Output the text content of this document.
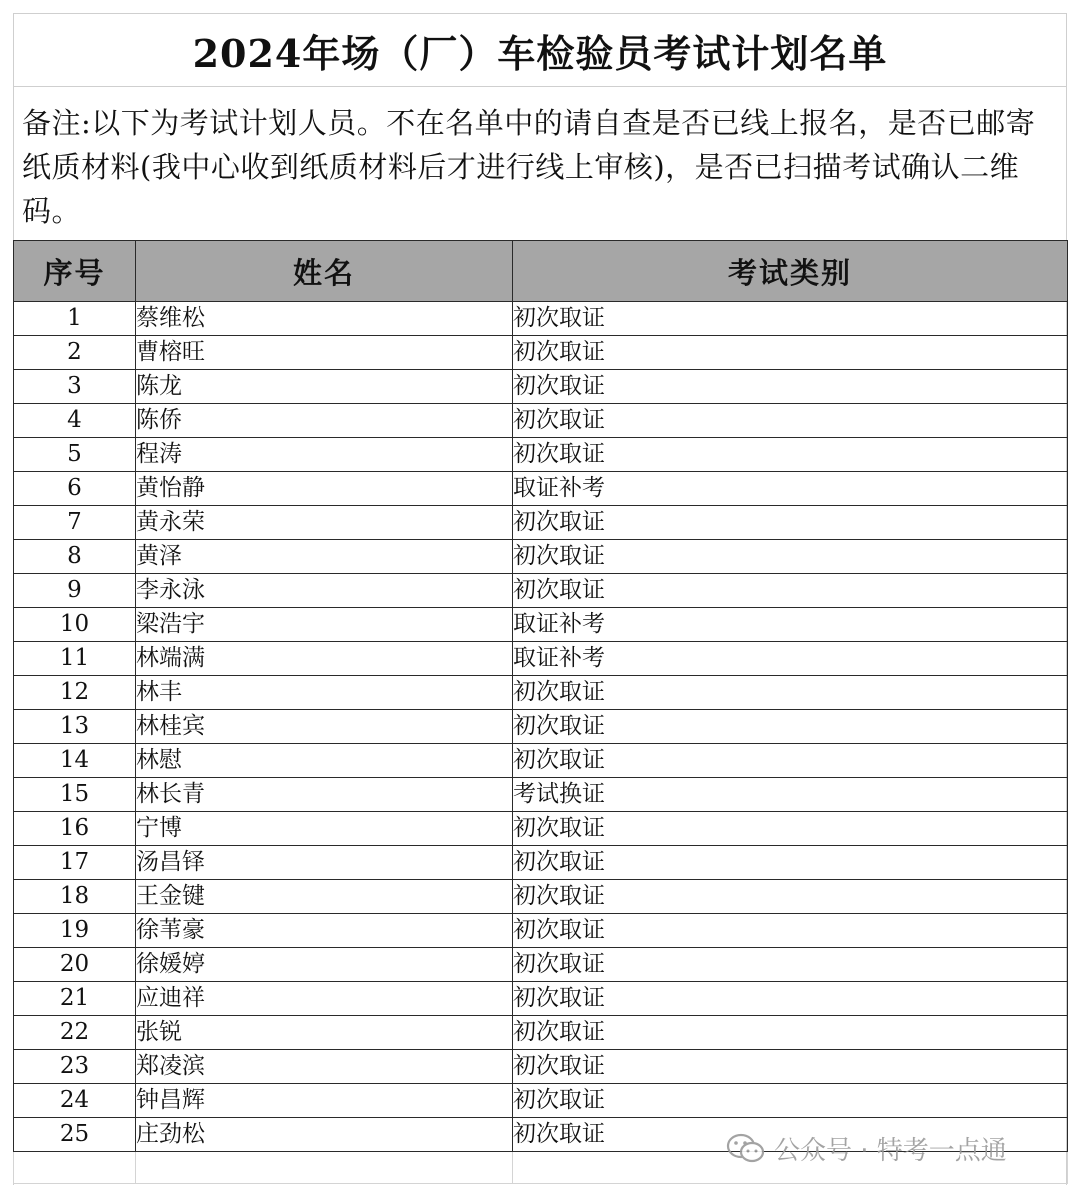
2024年场（厂）车检验员考试计划名单
备注:以下为考试计划人员。不在名单中的请自查是否已线上报名，是否已邮寄纸质材料(我中心收到纸质材料后才进行线上审核)，是否已扫描考试确认二维码。
序号	姓名	考试类别
1	蔡维松	初次取证
2	曹榕旺	初次取证
3	陈龙	初次取证
4	陈侨	初次取证
5	程涛	初次取证
6	黄怡静	取证补考
7	黄永荣	初次取证
8	黄泽	初次取证
9	李永泳	初次取证
10	梁浩宇	取证补考
11	林端满	取证补考
12	林丰	初次取证
13	林桂宾	初次取证
14	林慰	初次取证
15	林长青	考试换证
16	宁博	初次取证
17	汤昌铎	初次取证
18	王金键	初次取证
19	徐苇豪	初次取证
20	徐媛婷	初次取证
21	应迪祥	初次取证
22	张锐	初次取证
23	郑凌滨	初次取证
24	钟昌辉	初次取证
25	庄劲松	初次取证

公众号 · 特考一点通
